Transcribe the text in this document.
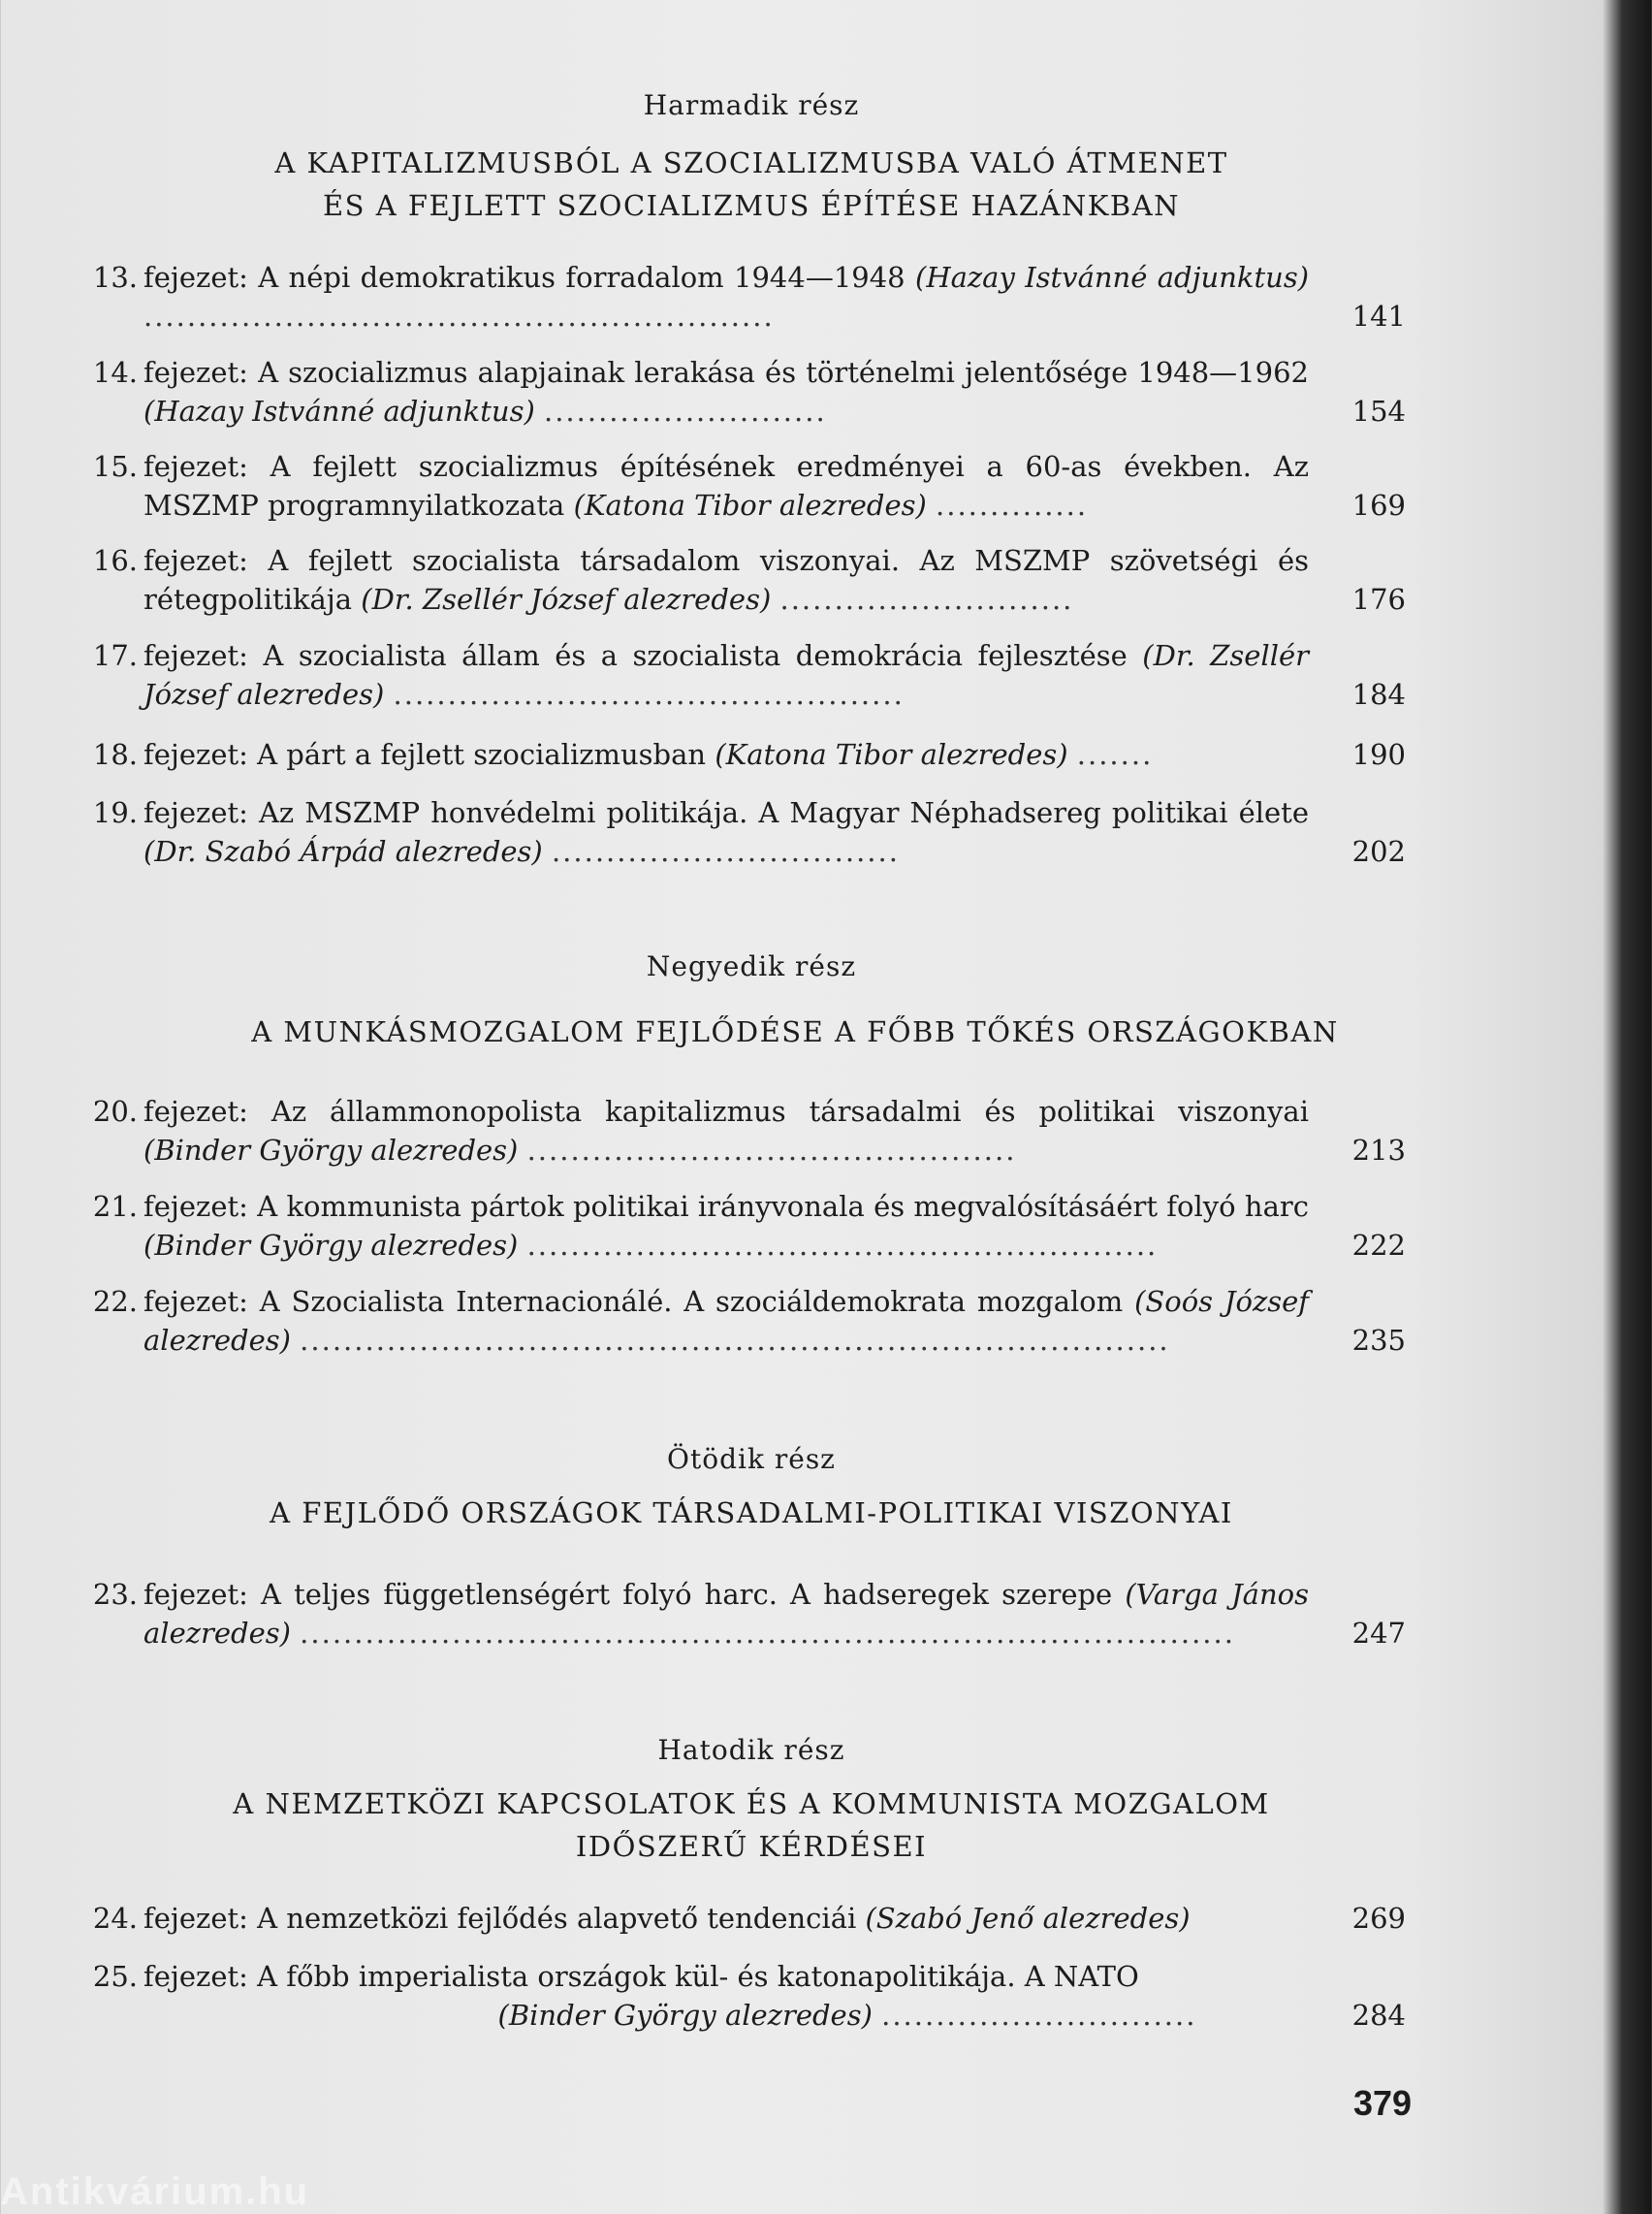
Harmadik rész
A KAPITALIZMUSBÓL A SZOCIALIZMUSBA VALÓ ÁTMENET
ÉS A FEJLETT SZOCIALIZMUS ÉPÍTÉSE HAZÁNKBAN
13. fejezet: A népi demokratikus forradalom 1944—1948 (Hazay Istvánné adjunktus) ..........................................................	141
14. fejezet: A szocializmus alapjainak lerakása és történelmi jelentősége 1948—1962 (Hazay Istvánné adjunktus) ..........................	154
15. fejezet: A fejlett szocializmus építésének eredményei a 60-as években. Az MSZMP programnyilatkozata (Katona Tibor alezredes) ..............	169
16. fejezet: A fejlett szocialista társadalom viszonyai. Az MSZMP szövetségi és rétegpolitikája (Dr. Zsellér József alezredes) ...........................	176
17. fejezet: A szocialista állam és a szocialista demokrácia fejlesztése (Dr. Zsellér József alezredes) ...............................................	184
18. fejezet: A párt a fejlett szocializmusban (Katona Tibor alezredes) .......	190
19. fejezet: Az MSZMP honvédelmi politikája. A Magyar Néphadsereg politikai élete (Dr. Szabó Árpád alezredes) ................................	202
Negyedik rész
A MUNKÁSMOZGALOM FEJLŐDÉSE A FŐBB TŐKÉS ORSZÁGOKBAN
20. fejezet: Az állammonopolista kapitalizmus társadalmi és politikai viszonyai (Binder György alezredes) .............................................	213
21. fejezet: A kommunista pártok politikai irányvonala és megvalósításáért folyó harc (Binder György alezredes) ..........................................................	222
22. fejezet: A Szocialista Internacionálé. A szociáldemokrata mozgalom (Soós József alezredes) ................................................................................	235
Ötödik rész
A FEJLŐDŐ ORSZÁGOK TÁRSADALMI-POLITIKAI VISZONYAI
23. fejezet: A teljes függetlenségért folyó harc. A hadseregek szerepe (Varga János alezredes) ......................................................................................	247
Hatodik rész
A NEMZETKÖZI KAPCSOLATOK ÉS A KOMMUNISTA MOZGALOM
IDŐSZERŰ KÉRDÉSEI
24. fejezet: A nemzetközi fejlődés alapvető tendenciái (Szabó Jenő alezredes)	269
25. fejezet: A főbb imperialista országok kül- és katonapolitikája. A NATO

(Binder György alezredes) .............................	284
379
Antikvárium.hu
